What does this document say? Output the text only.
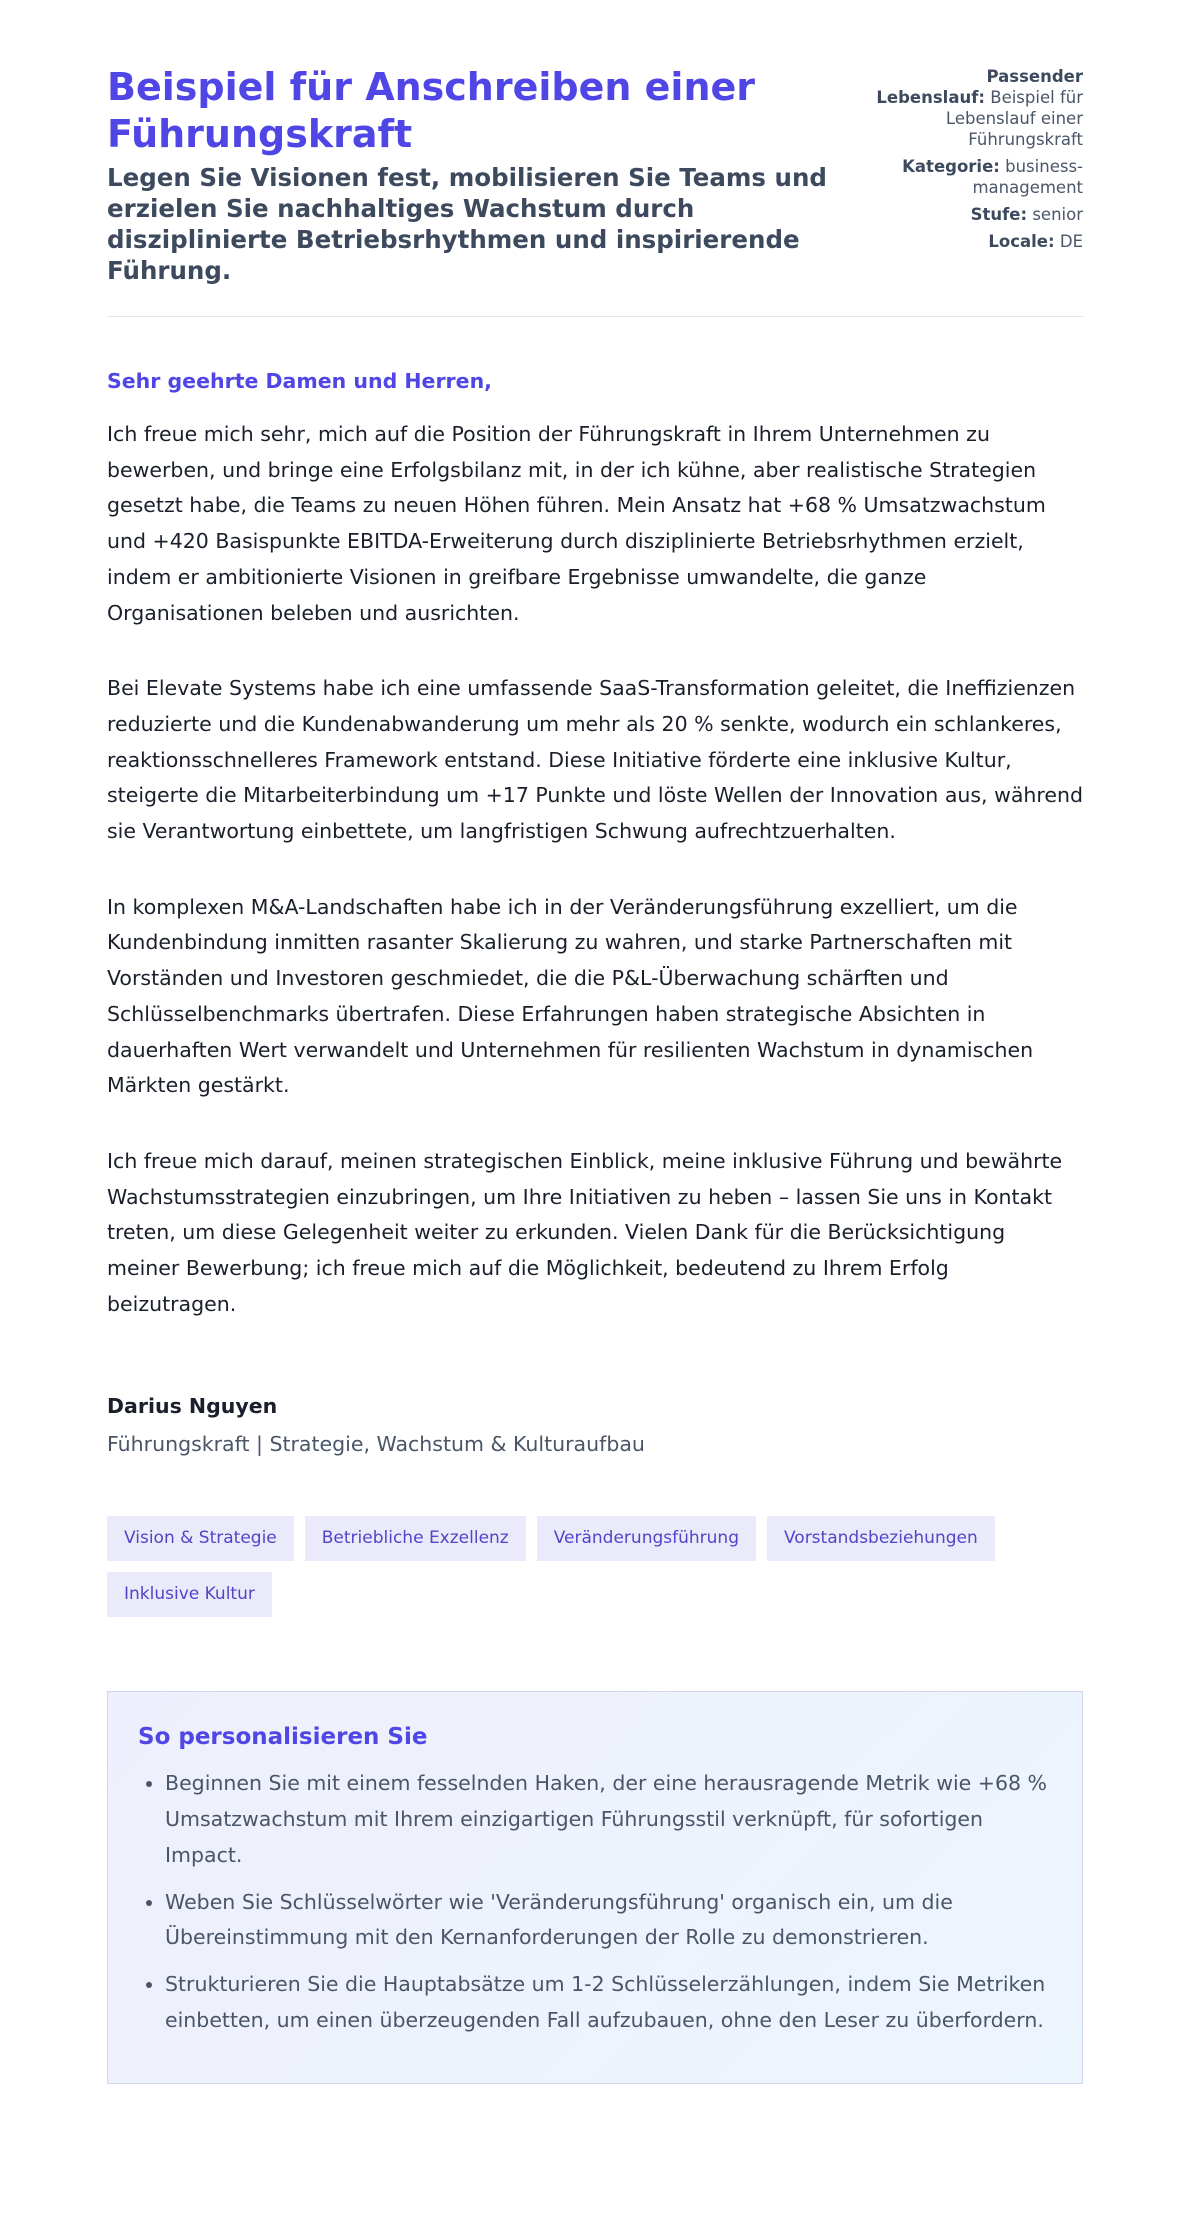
Beispiel für Anschreiben einer Führungskraft
Legen Sie Visionen fest, mobilisieren Sie Teams und erzielen Sie nachhaltiges Wachstum durch disziplinierte Betriebsrhythmen und inspirierende Führung.
Passender Lebenslauf: Beispiel für Lebenslauf einer Führungskraft
Kategorie: business-management
Stufe: senior
Locale: DE
Sehr geehrte Damen und Herren,

Ich freue mich sehr, mich auf die Position der Führungskraft in Ihrem Unternehmen zu bewerben, und bringe eine Erfolgsbilanz mit, in der ich kühne, aber realistische Strategien gesetzt habe, die Teams zu neuen Höhen führen. Mein Ansatz hat +68 % Umsatzwachstum und +420 Basispunkte EBITDA-Erweiterung durch disziplinierte Betriebsrhythmen erzielt, indem er ambitionierte Visionen in greifbare Ergebnisse umwandelte, die ganze Organisationen beleben und ausrichten.

Bei Elevate Systems habe ich eine umfassende SaaS-Transformation geleitet, die Ineffizienzen reduzierte und die Kundenabwanderung um mehr als 20 % senkte, wodurch ein schlankeres, reaktionsschnelleres Framework entstand. Diese Initiative förderte eine inklusive Kultur, steigerte die Mitarbeiterbindung um +17 Punkte und löste Wellen der Innovation aus, während sie Verantwortung einbettete, um langfristigen Schwung aufrechtzuerhalten.

In komplexen M&A-Landschaften habe ich in der Veränderungsführung exzelliert, um die Kundenbindung inmitten rasanter Skalierung zu wahren, und starke Partnerschaften mit Vorständen und Investoren geschmiedet, die die P&L-Überwachung schärften und Schlüsselbenchmarks übertrafen. Diese Erfahrungen haben strategische Absichten in dauerhaften Wert verwandelt und Unternehmen für resilienten Wachstum in dynamischen Märkten gestärkt.

Ich freue mich darauf, meinen strategischen Einblick, meine inklusive Führung und bewährte Wachstumsstrategien einzubringen, um Ihre Initiativen zu heben – lassen Sie uns in Kontakt treten, um diese Gelegenheit weiter zu erkunden. Vielen Dank für die Berücksichtigung meiner Bewerbung; ich freue mich auf die Möglichkeit, bedeutend zu Ihrem Erfolg beizutragen.

Darius Nguyen
Führungskraft | Strategie, Wachstum & Kulturaufbau
Vision & Strategie	Betriebliche Exzellenz	Veränderungsführung	Vorstandsbeziehungen
Inklusive Kultur
So personalisieren Sie
• Beginnen Sie mit einem fesselnden Haken, der eine herausragende Metrik wie +68 % Umsatzwachstum mit Ihrem einzigartigen Führungsstil verknüpft, für sofortigen Impact.
• Weben Sie Schlüsselwörter wie 'Veränderungsführung' organisch ein, um die Übereinstimmung mit den Kernanforderungen der Rolle zu demonstrieren.
• Strukturieren Sie die Hauptabsätze um 1-2 Schlüsselerzählungen, indem Sie Metriken einbetten, um einen überzeugenden Fall aufzubauen, ohne den Leser zu überfordern.
